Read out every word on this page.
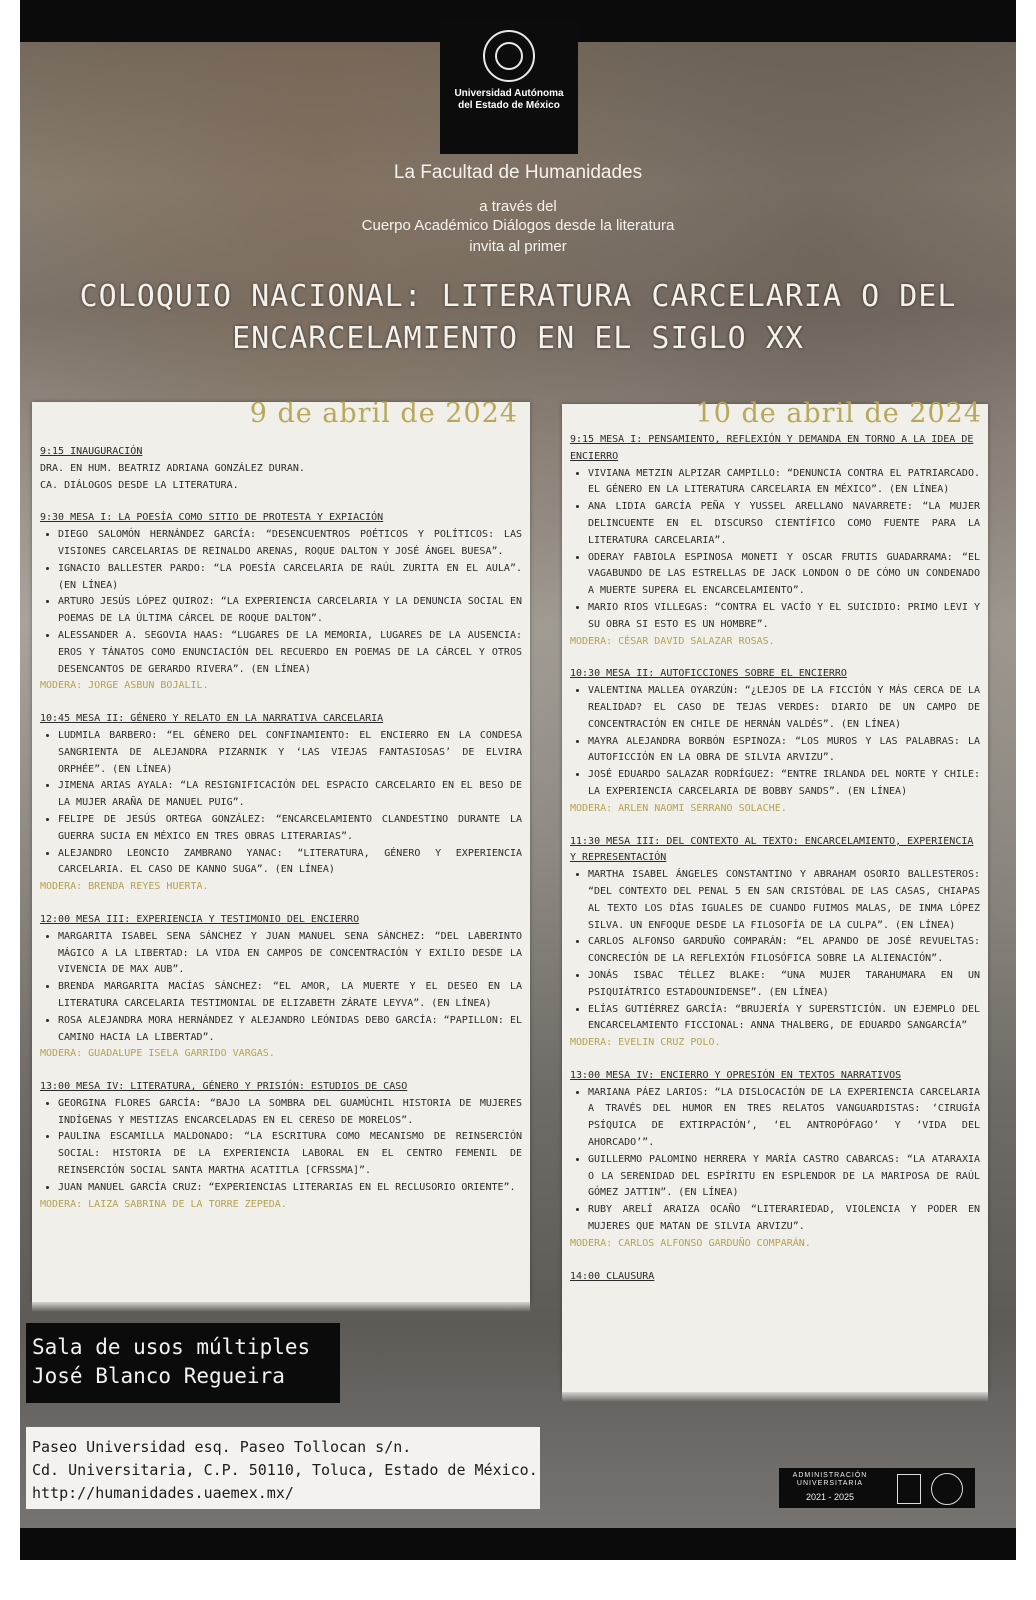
Universidad Autónoma
del Estado de México
La Facultad de Humanidades
a través del
Cuerpo Académico Diálogos desde la literatura
invita al primer
COLOQUIO NACIONAL: LITERATURA CARCELARIA O DEL
ENCARCELAMIENTO EN EL SIGLO XX
9 de abril de 2024

9:15 INAUGURACIÓN

DRA. EN HUM. BEATRIZ ADRIANA GONZÁLEZ DURAN.

CA. DIÁLOGOS DESDE LA LITERATURA.

9:30 MESA I: LA POESÍA COMO SITIO DE PROTESTA Y EXPIACIÓN

• DIEGO SALOMÓN HERNÁNDEZ GARCÍA: “DESENCUENTROS POÉTICOS Y POLÍTICOS: LAS VISIONES CARCELARIAS DE REINALDO ARENAS, ROQUE DALTON Y JOSÉ ÁNGEL BUESA”.
• IGNACIO BALLESTER PARDO: “LA POESÍA CARCELARIA DE RAÚL ZURITA EN EL AULA”. (EN LÍNEA)
• ARTURO JESÚS LÓPEZ QUIROZ: “LA EXPERIENCIA CARCELARIA Y LA DENUNCIA SOCIAL EN POEMAS DE LA ÚLTIMA CÁRCEL DE ROQUE DALTON”.
• ALESSANDER A. SEGOVIA HAAS: “LUGARES DE LA MEMORIA, LUGARES DE LA AUSENCIA: EROS Y TÁNATOS COMO ENUNCIACIÓN DEL RECUERDO EN POEMAS DE LA CÁRCEL Y OTROS DESENCANTOS DE GERARDO RIVERA”. (EN LÍNEA)

MODERA: JORGE ASBUN BOJALIL.

10:45 MESA II: GÉNERO Y RELATO EN LA NARRATIVA CARCELARIA

• LUDMILA BARBERO: “EL GÉNERO DEL CONFINAMIENTO: EL ENCIERRO EN LA CONDESA SANGRIENTA DE ALEJANDRA PIZARNIK Y ‘LAS VIEJAS FANTASIOSAS’ DE ELVIRA ORPHÉE”. (EN LÍNEA)
• JIMENA ARIAS AYALA: “LA RESIGNIFICACIÓN DEL ESPACIO CARCELARIO EN EL BESO DE LA MUJER ARAÑA DE MANUEL PUIG”.
• FELIPE DE JESÚS ORTEGA GONZÁLEZ: “ENCARCELAMIENTO CLANDESTINO DURANTE LA GUERRA SUCIA EN MÉXICO EN TRES OBRAS LITERARIAS”.
• ALEJANDRO LEONCIO ZAMBRANO YANAC: “LITERATURA, GÉNERO Y EXPERIENCIA CARCELARIA. EL CASO DE KANNO SUGA”. (EN LÍNEA)

MODERA: BRENDA REYES HUERTA.

12:00 MESA III: EXPERIENCIA Y TESTIMONIO DEL ENCIERRO

• MARGARITA ISABEL SENA SÁNCHEZ Y JUAN MANUEL SENA SÁNCHEZ: “DEL LABERINTO MÁGICO A LA LIBERTAD: LA VIDA EN CAMPOS DE CONCENTRACIÓN Y EXILIO DESDE LA VIVENCIA DE MAX AUB”.
• BRENDA MARGARITA MACÍAS SÁNCHEZ: “EL AMOR, LA MUERTE Y EL DESEO EN LA LITERATURA CARCELARIA TESTIMONIAL DE ELIZABETH ZÁRATE LEYVA”. (EN LÍNEA)
• ROSA ALEJANDRA MORA HERNÁNDEZ Y ALEJANDRO LEÓNIDAS DEBO GARCÍA: “PAPILLON: EL CAMINO HACIA LA LIBERTAD”.

MODERA: GUADALUPE ISELA GARRIDO VARGAS.

13:00 MESA IV: LITERATURA, GÉNERO Y PRISIÓN: ESTUDIOS DE CASO

• GEORGINA FLORES GARCÍA: “BAJO LA SOMBRA DEL GUAMÚCHIL HISTORIA DE MUJERES INDÍGENAS Y MESTIZAS ENCARCELADAS EN EL CERESO DE MORELOS”.
• PAULINA ESCAMILLA MALDONADO: “LA ESCRITURA COMO MECANISMO DE REINSERCIÓN SOCIAL: HISTORIA DE LA EXPERIENCIA LABORAL EN EL CENTRO FEMENIL DE REINSERCIÓN SOCIAL SANTA MARTHA ACATITLA [CFRSSMA]”.
• JUAN MANUEL GARCÍA CRUZ: “EXPERIENCIAS LITERARIAS EN EL RECLUSORIO ORIENTE”.

MODERA: LAIZA SABRINA DE LA TORRE ZEPEDA.

10 de abril de 2024

9:15 MESA I: PENSAMIENTO, REFLEXIÓN Y DEMANDA EN TORNO A LA IDEA DE ENCIERRO

• VIVIANA METZIN ALPIZAR CAMPILLO: “DENUNCIA CONTRA EL PATRIARCADO. EL GÉNERO EN LA LITERATURA CARCELARIA EN MÉXICO”. (EN LÍNEA)
• ANA LIDIA GARCÍA PEÑA Y YUSSEL ARELLANO NAVARRETE: “LA MUJER DELINCUENTE EN EL DISCURSO CIENTÍFICO COMO FUENTE PARA LA LITERATURA CARCELARIA”.
• ODERAY FABIOLA ESPINOSA MONETI Y OSCAR FRUTIS GUADARRAMA: “EL VAGABUNDO DE LAS ESTRELLAS DE JACK LONDON O DE CÓMO UN CONDENADO A MUERTE SUPERA EL ENCARCELAMIENTO”.
• MARIO RIOS VILLEGAS: “CONTRA EL VACÍO Y EL SUICIDIO: PRIMO LEVI Y SU OBRA SI ESTO ES UN HOMBRE”.

MODERA: CÉSAR DAVID SALAZAR ROSAS.

10:30 MESA II: AUTOFICCIONES SOBRE EL ENCIERRO

• VALENTINA MALLEA OYARZÚN: “¿LEJOS DE LA FICCIÓN Y MÁS CERCA DE LA REALIDAD? EL CASO DE TEJAS VERDES: DIARIO DE UN CAMPO DE CONCENTRACIÓN EN CHILE DE HERNÁN VALDÉS”. (EN LÍNEA)
• MAYRA ALEJANDRA BORBÓN ESPINOZA: “LOS MUROS Y LAS PALABRAS: LA AUTOFICCIÓN EN LA OBRA DE SILVIA ARVIZU”.
• JOSÉ EDUARDO SALAZAR RODRÍGUEZ: “ENTRE IRLANDA DEL NORTE Y CHILE: LA EXPERIENCIA CARCELARIA DE BOBBY SANDS”. (EN LÍNEA)

MODERA: ARLEN NAOMI SERRANO SOLACHE.

11:30 MESA III: DEL CONTEXTO AL TEXTO: ENCARCELAMIENTO, EXPERIENCIA Y REPRESENTACIÓN

• MARTHA ISABEL ÁNGELES CONSTANTINO Y ABRAHAM OSORIO BALLESTEROS: “DEL CONTEXTO DEL PENAL 5 EN SAN CRISTÓBAL DE LAS CASAS, CHIAPAS AL TEXTO LOS DÍAS IGUALES DE CUANDO FUIMOS MALAS, DE INMA LÓPEZ SILVA. UN ENFOQUE DESDE LA FILOSOFÍA DE LA CULPA”. (EN LÍNEA)
• CARLOS ALFONSO GARDUÑO COMPARÁN: “EL APANDO DE JOSÉ REVUELTAS: CONCRECIÓN DE LA REFLEXIÓN FILOSÓFICA SOBRE LA ALIENACIÓN”.
• JONÁS ISBAC TÉLLEZ BLAKE: “UNA MUJER TARAHUMARA EN UN PSIQUIÁTRICO ESTADOUNIDENSE”. (EN LÍNEA)
• ELÍAS GUTIÉRREZ GARCÍA: “BRUJERÍA Y SUPERSTICIÓN. UN EJEMPLO DEL ENCARCELAMIENTO FICCIONAL: ANNA THALBERG, DE EDUARDO SANGARCÍA”

MODERA: EVELIN CRUZ POLO.

13:00 MESA IV: ENCIERRO Y OPRESIÓN EN TEXTOS NARRATIVOS

• MARIANA PÁEZ LARIOS: “LA DISLOCACIÓN DE LA EXPERIENCIA CARCELARIA A TRAVÉS DEL HUMOR EN TRES RELATOS VANGUARDISTAS: ‘CIRUGÍA PSÍQUICA DE EXTIRPACIÓN’, ‘EL ANTROPÓFAGO’ Y ‘VIDA DEL AHORCADO’”.
• GUILLERMO PALOMINO HERRERA Y MARÍA CASTRO CABARCAS: “LA ATARAXIA O LA SERENIDAD DEL ESPÍRITU EN ESPLENDOR DE LA MARIPOSA DE RAÚL GÓMEZ JATTIN”. (EN LÍNEA)
• RUBY ARELÍ ARAIZA OCAÑO “LITERARIEDAD, VIOLENCIA Y PODER EN MUJERES QUE MATAN DE SILVIA ARVIZU”.

MODERA: CARLOS ALFONSO GARDUÑO COMPARÁN.

14:00 CLAUSURA

Sala de usos múltiples
José Blanco Regueira
Paseo Universidad esq. Paseo Tollocan s/n.
Cd. Universitaria, C.P. 50110, Toluca, Estado de México.
http://humanidades.uaemex.mx/
ADMINISTRACIÓN
UNIVERSITARIA
2021 - 2025
